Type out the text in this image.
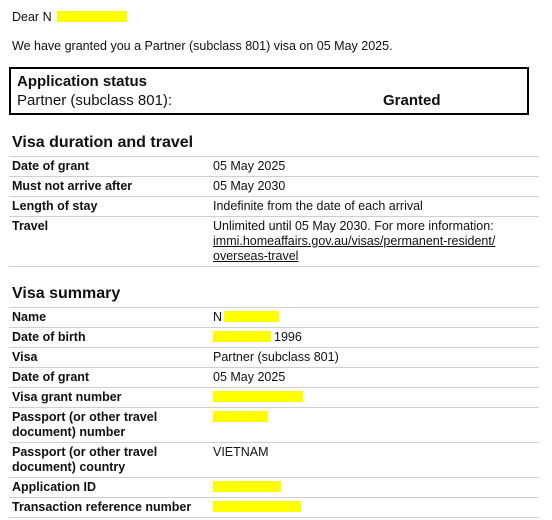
Dear N
We have granted you a Partner (subclass 801) visa on 05 May 2025.
Application status
Partner (subclass 801):	Granted
Visa duration and travel
Date of grant	05 May 2025
Must not arrive after	05 May 2030
Length of stay	Indefinite from the date of each arrival
Travel	Unlimited until 05 May 2030. For more information:
immi.homeaffairs.gov.au/visas/permanent-resident/
overseas-travel
Visa summary
Name	N
Date of birth	1996
Visa	Partner (subclass 801)
Date of grant	05 May 2025
Visa grant number	

Passport (or other travel
document) number	

Passport (or other travel
document) country	VIETNAM
Application ID	
Transaction reference number	
